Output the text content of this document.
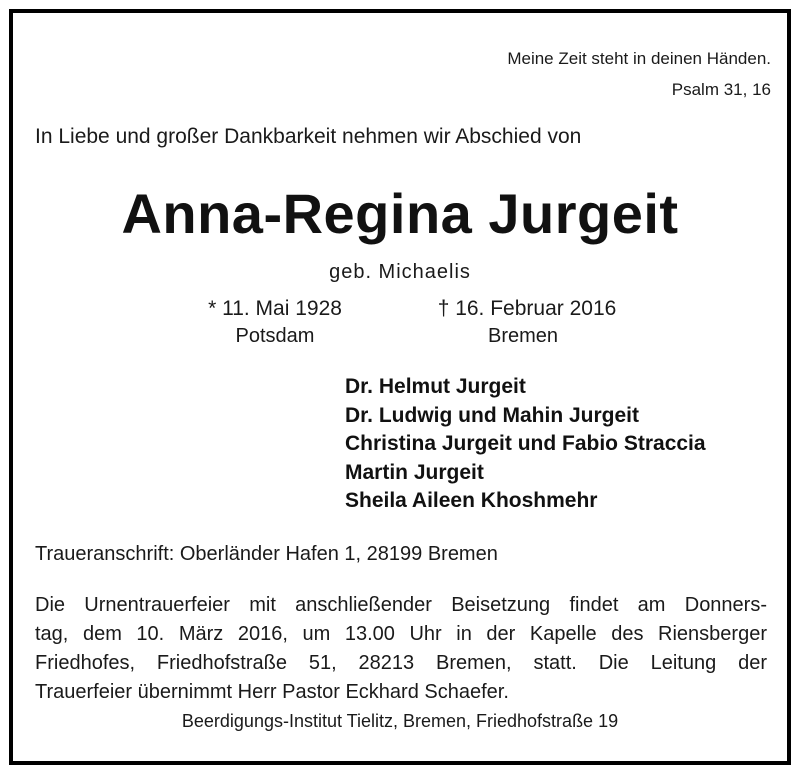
Meine Zeit steht in deinen Händen.
Psalm 31, 16
In Liebe und großer Dankbarkeit nehmen wir Abschied von
Anna-Regina Jurgeit
geb. Michaelis
* 11. Mai 1928
Potsdam
† 16. Februar 2016
Bremen
Dr. Helmut Jurgeit
Dr. Ludwig und Mahin Jurgeit
Christina Jurgeit und Fabio Straccia
Martin Jurgeit
Sheila Aileen Khoshmehr
Traueranschrift: Oberländer Hafen 1, 28199 Bremen
Die Urnentrauerfeier mit anschließender Beisetzung findet am Donners-
tag, dem 10. März 2016, um 13.00 Uhr in der Kapelle des Riensberger
Friedhofes, Friedhofstraße 51, 28213 Bremen, statt. Die Leitung der
Trauerfeier übernimmt Herr Pastor Eckhard Schaefer.
Beerdigungs-Institut Tielitz, Bremen, Friedhofstraße 19
